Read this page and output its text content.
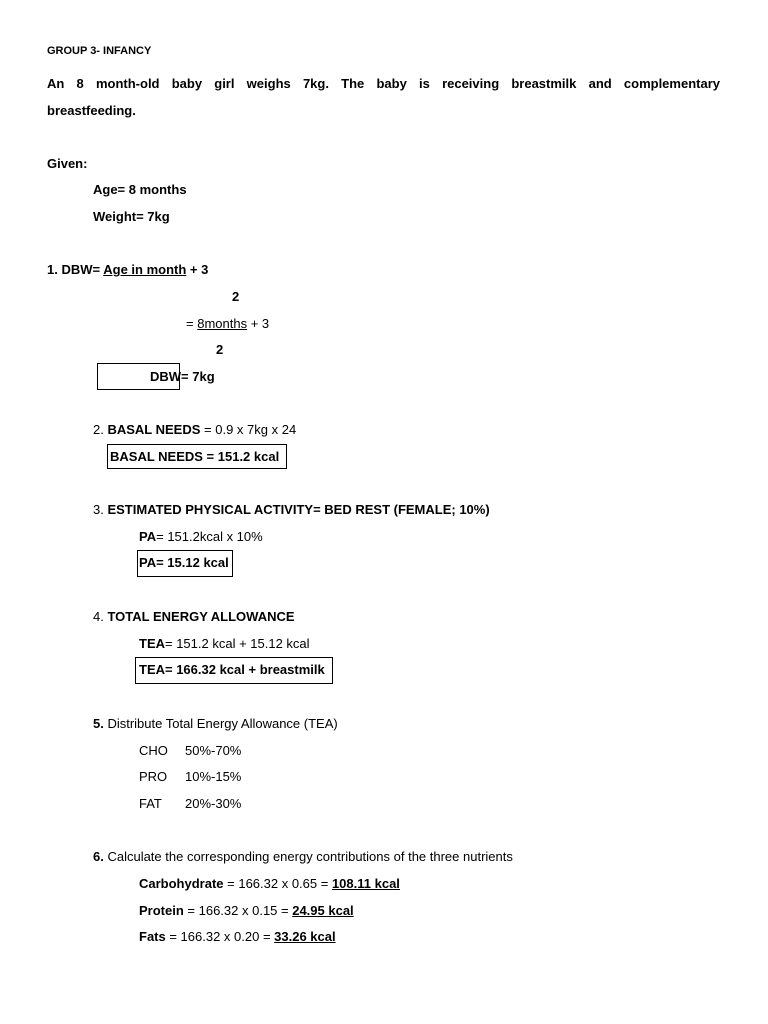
GROUP 3- INFANCY
An 8 month-old baby girl weighs 7kg. The baby is receiving breastmilk and complementary
breastfeeding.
Given:
Age= 8 months
Weight= 7kg
1. DBW= Age in month + 3
2
= 8months + 3
2
DBW= 7kg
2. BASAL NEEDS = 0.9 x 7kg x 24
BASAL NEEDS = 151.2 kcal
3. ESTIMATED PHYSICAL ACTIVITY= BED REST (FEMALE; 10%)
PA= 151.2kcal x 10%
PA= 15.12 kcal
4. TOTAL ENERGY ALLOWANCE
TEA= 151.2 kcal + 15.12 kcal
TEA= 166.32 kcal + breastmilk
5. Distribute Total Energy Allowance (TEA)
CHO 50%-70%
PRO 10%-15%
FAT 20%-30%
6. Calculate the corresponding energy contributions of the three nutrients
Carbohydrate = 166.32 x 0.65 = 108.11 kcal
Protein = 166.32 x 0.15 = 24.95 kcal
Fats = 166.32 x 0.20 = 33.26 kcal
